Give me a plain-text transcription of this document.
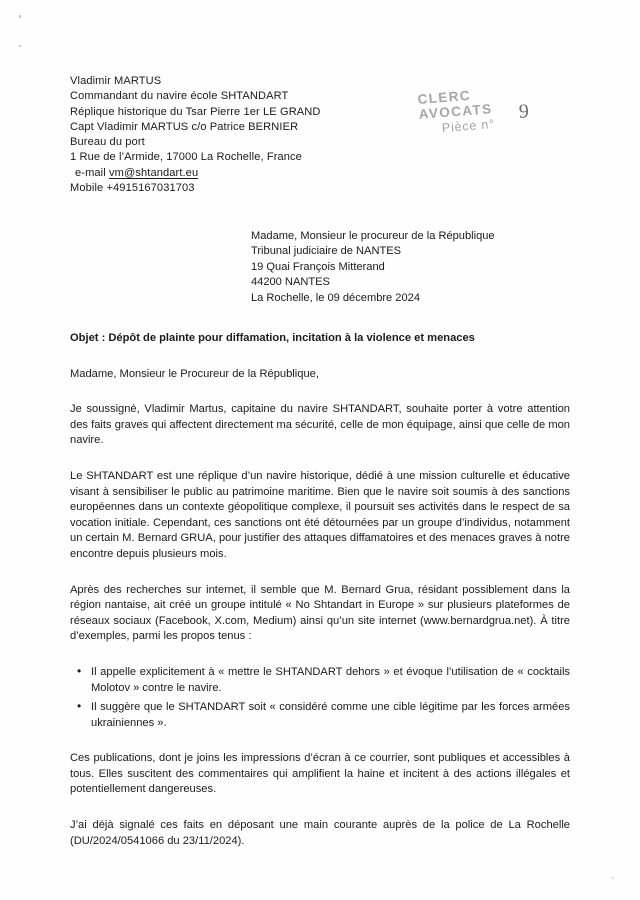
Vladimir MARTUS
Commandant du navire école SHTANDART
Réplique historique du Tsar Pierre 1er LE GRAND
Capt Vladimir MARTUS c/o Patrice BERNIER
Bureau du port
1 Rue de l’Armide, 17000 La Rochelle, France
e-mail vm@shtandart.eu
Mobile +4915167031703
CLERC AVOCATS
Pièce n°
9
Madame, Monsieur le procureur de la République
Tribunal judiciaire de NANTES
19 Quai François Mitterand
44200 NANTES
La Rochelle, le 09 décembre 2024
Objet : Dépôt de plainte pour diffamation, incitation à la violence et menaces
Madame, Monsieur le Procureur de la République,

Je soussigné, Vladimir Martus, capitaine du navire SHTANDART, souhaite porter à votre attention des faits graves qui affectent directement ma sécurité, celle de mon équipage, ainsi que celle de mon navire.

Le SHTANDART est une réplique d’un navire historique, dédié à une mission culturelle et éducative visant à sensibiliser le public au patrimoine maritime. Bien que le navire soit soumis à des sanctions européennes dans un contexte géopolitique complexe, il poursuit ses activités dans le respect de sa vocation initiale. Cependant, ces sanctions ont été détournées par un groupe d’individus, notamment un certain M. Bernard GRUA, pour justifier des attaques diffamatoires et des menaces graves à notre encontre depuis plusieurs mois.

Après des recherches sur internet, il semble que M. Bernard Grua, résidant possiblement dans la région nantaise, ait créé un groupe intitulé « No Shtandart in Europe » sur plusieurs plateformes de réseaux sociaux (Facebook, X.com, Medium) ainsi qu’un site internet (www.bernardgrua.net). À titre d’exemples, parmi les propos tenus :

• Il appelle explicitement à « mettre le SHTANDART dehors » et évoque l’utilisation de « cocktails Molotov » contre le navire.
• Il suggère que le SHTANDART soit « considéré comme une cible légitime par les forces armées ukrainiennes ».

Ces publications, dont je joins les impressions d’écran à ce courrier, sont publiques et accessibles à tous. Elles suscitent des commentaires qui amplifient la haine et incitent à des actions illégales et potentiellement dangereuses.

J’ai déjà signalé ces faits en déposant une main courante auprès de la police de La Rochelle (DU/2024/0541066 du 23/11/2024).
